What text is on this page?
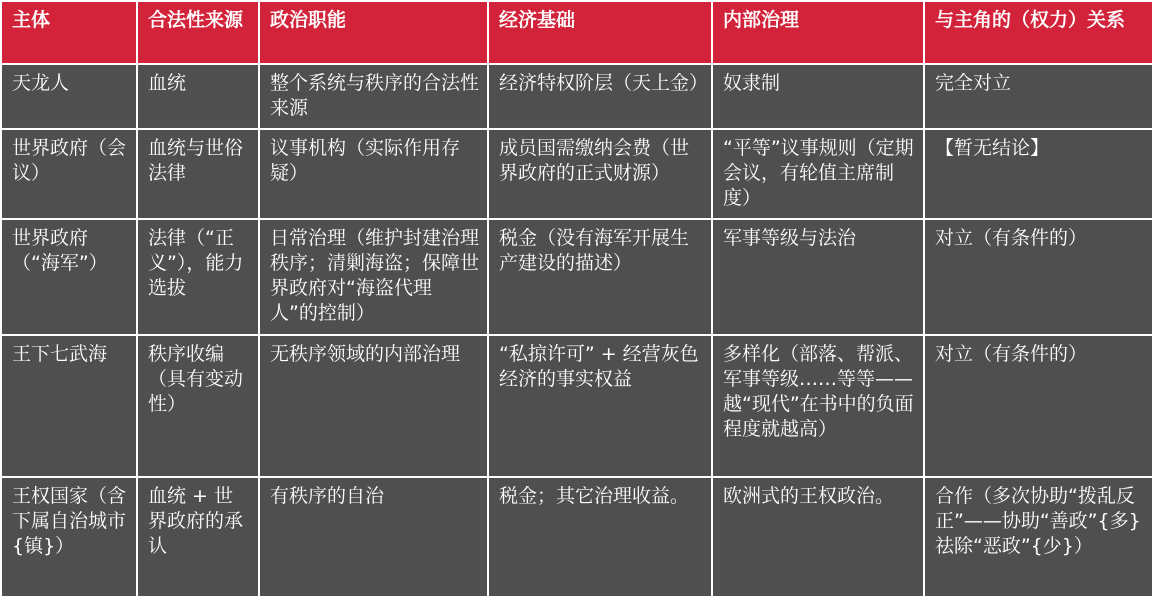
主体	合法性来源	政治职能	经济基础	内部治理	与主角的（权力）关系
天龙人	血统	整个系统与秩序的合法性来源	经济特权阶层（天上金）	奴隶制	完全对立
世界政府（会议）	血统与世俗法律	议事机构（实际作用存疑）	成员国需缴纳会费（世界政府的正式财源）	“平等”议事规则（定期会议，有轮值主席制度）	【暂无结论】
世界政府（“海军”）	法律（“正义”），能力选拔	日常治理（维护封建治理秩序；清剿海盗；保障世界政府对“海盗代理人”的控制）	税金（没有海军开展生产建设的描述）	军事等级与法治	对立（有条件的）
王下七武海	秩序收编（具有变动性）	无秩序领域的内部治理	“私掠许可” + 经营灰色经济的事实权益	多样化（部落、帮派、军事等级……等等——越“现代”在书中的负面程度就越高）	对立（有条件的）
王权国家（含下属自治城市{镇}）	血统 + 世界政府的承认	有秩序的自治	税金；其它治理收益。	欧洲式的王权政治。	合作（多次协助“拨乱反正”——协助“善政”{多}祛除“恶政”{少}）
